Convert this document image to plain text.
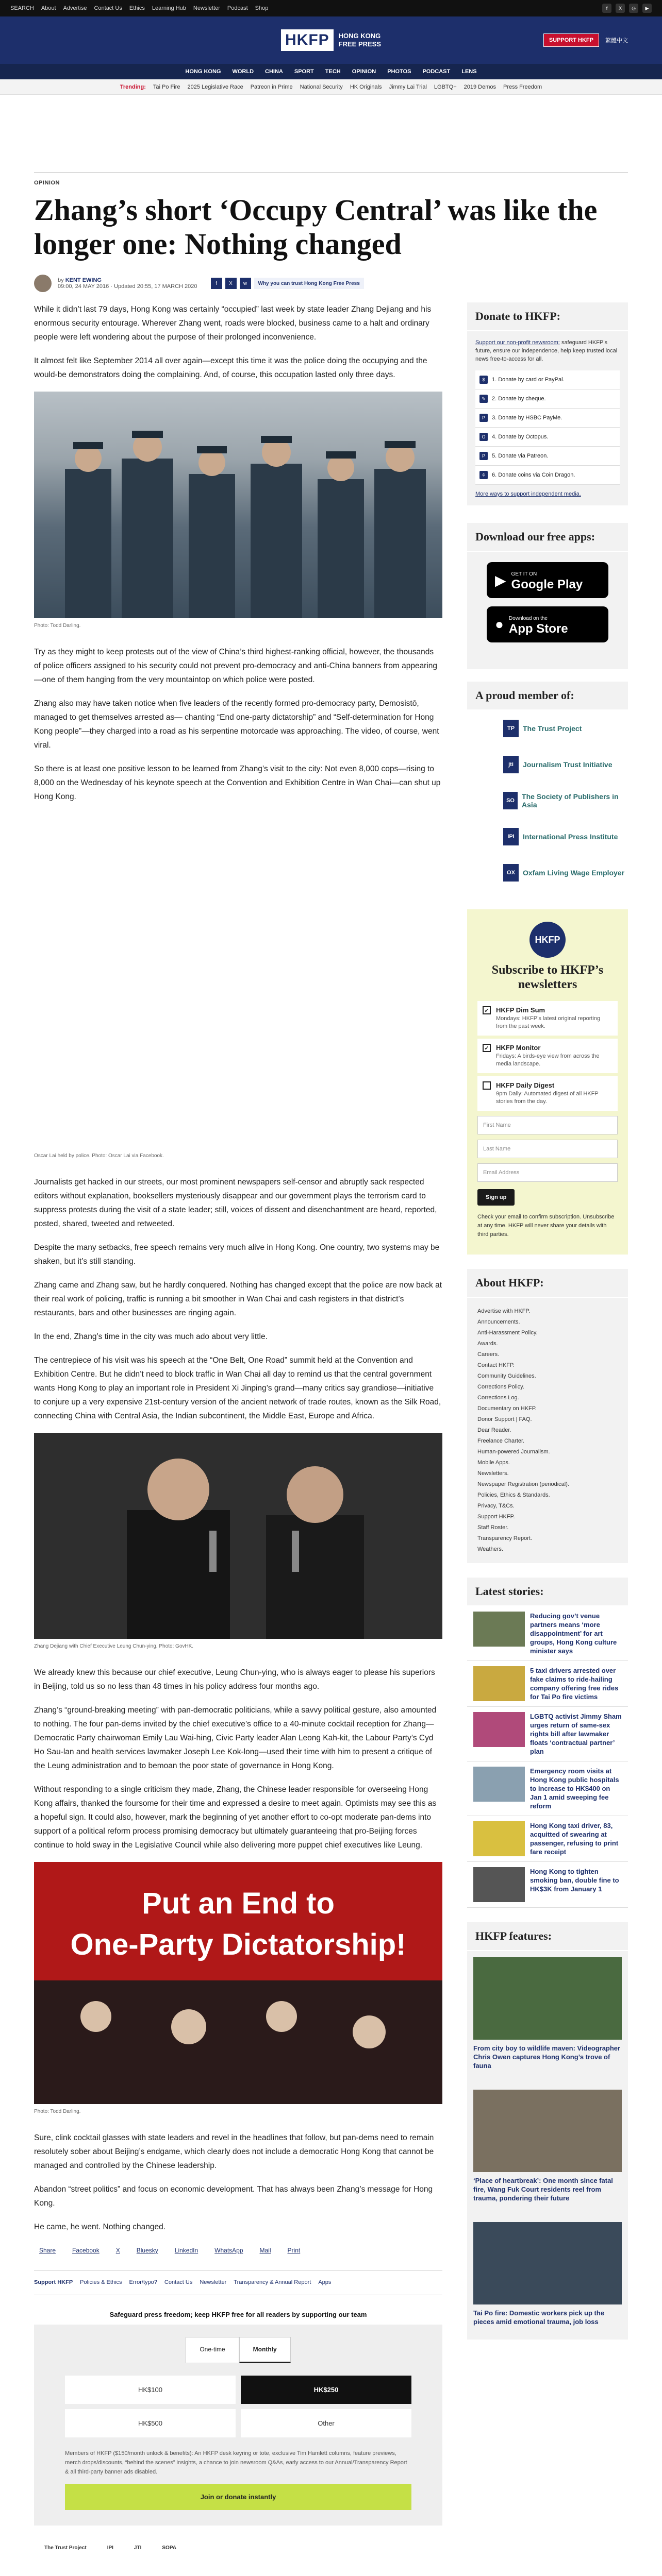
SEARCH About Advertise Contact Us Ethics Learning Hub Newsletter Podcast Shop	f	X	◎	▶
HKFP	HONG KONG
FREE PRESS	SUPPORT HKFP	繁體中文
HONG KONG WORLD CHINA SPORT TECH OPINION PHOTOS PODCAST LENS
Trending: Tai Po Fire 2025 Legislative Race Patreon in Prime National Security HK Originals Jimmy Lai Trial LGBTQ+ 2019 Demos Press Freedom
OPINION
Zhang’s short ‘Occupy Central’ was like the longer one: Nothing changed
by KENT EWING
09:00, 24 MAY 2016 · Updated 20:55, 17 MARCH 2020	f	X	w	Why you can trust Hong Kong Free Press

While it didn’t last 79 days, Hong Kong was certainly “occupied” last week by state leader Zhang Dejiang and his enormous security entourage. Wherever Zhang went, roads were blocked, business came to a halt and ordinary people were left wondering about the purpose of their prolonged inconvenience.

It almost felt like September 2014 all over again—except this time it was the police doing the occupying and the would-be demonstrators doing the complaining. And, of course, this occupation lasted only three days.

Photo: Todd Darling.

Try as they might to keep protests out of the view of China’s third highest-ranking official, however, the thousands of police officers assigned to his security could not prevent pro-democracy and anti-China banners from appearing—one of them hanging from the very mountaintop on which police were posted.

Zhang also may have taken notice when five leaders of the recently formed pro-democracy party, Demosistō, managed to get themselves arrested as— chanting “End one-party dictatorship” and “Self-determination for Hong Kong people”—they charged into a road as his serpentine motorcade was approaching. The video, of course, went viral.

So there is at least one positive lesson to be learned from Zhang’s visit to the city: Not even 8,000 cops—rising to 8,000 on the Wednesday of his keynote speech at the Convention and Exhibition Centre in Wan Chai—can shut up Hong Kong.

Oscar Lai held by police. Photo: Oscar Lai via Facebook.

Journalists get hacked in our streets, our most prominent newspapers self-censor and abruptly sack respected editors without explanation, booksellers mysteriously disappear and our government plays the terrorism card to suppress protests during the visit of a state leader; still, voices of dissent and disenchantment are heard, reported, posted, shared, tweeted and retweeted.

Despite the many setbacks, free speech remains very much alive in Hong Kong. One country, two systems may be shaken, but it’s still standing.

Zhang came and Zhang saw, but he hardly conquered. Nothing has changed except that the police are now back at their real work of policing, traffic is running a bit smoother in Wan Chai and cash registers in that district’s restaurants, bars and other businesses are ringing again.

In the end, Zhang’s time in the city was much ado about very little.

The centrepiece of his visit was his speech at the “One Belt, One Road” summit held at the Convention and Exhibition Centre. But he didn’t need to block traffic in Wan Chai all day to remind us that the central government wants Hong Kong to play an important role in President Xi Jinping’s grand—many critics say grandiose—initiative to conjure up a very expensive 21st-century version of the ancient network of trade routes, known as the Silk Road, connecting China with Central Asia, the Indian subcontinent, the Middle East, Europe and Africa.

Zhang Dejiang with Chief Executive Leung Chun-ying. Photo: GovHK.

We already knew this because our chief executive, Leung Chun-ying, who is always eager to please his superiors in Beijing, told us so no less than 48 times in his policy address four months ago.

Zhang’s “ground-breaking meeting” with pan-democratic politicians, while a savvy political gesture, also amounted to nothing. The four pan-dems invited by the chief executive’s office to a 40-minute cocktail reception for Zhang—Democratic Party chairwoman Emily Lau Wai-hing, Civic Party leader Alan Leong Kah-kit, the Labour Party’s Cyd Ho Sau-lan and health services lawmaker Joseph Lee Kok-long—used their time with him to present a critique of the Leung administration and to bemoan the poor state of governance in Hong Kong.

Without responding to a single criticism they made, Zhang, the Chinese leader responsible for overseeing Hong Kong affairs, thanked the foursome for their time and expressed a desire to meet again. Optimists may see this as a hopeful sign. It could also, however, mark the beginning of yet another effort to co-opt moderate pan-dems into support of a political reform process promising democracy but ultimately guaranteeing that pro-Beijing forces continue to hold sway in the Legislative Council while also delivering more puppet chief executives like Leung.

Put an End to
One-Party Dictatorship!
Photo: Todd Darling.

Sure, clink cocktail glasses with state leaders and revel in the headlines that follow, but pan-dems need to remain resolutely sober about Beijing’s endgame, which clearly does not include a democratic Hong Kong that cannot be managed and controlled by the Chinese leadership.

Abandon “street politics” and focus on economic development. That has always been Zhang’s message for Hong Kong.

He came, he went. Nothing changed.

Share	Facebook	X	Bluesky	LinkedIn	WhatsApp	Mail	Print
Support HKFP Policies & Ethics Error/typo? Contact Us Newsletter Transparency & Annual Report Apps
Safeguard press freedom; keep HKFP free for all readers by supporting our team
One-time	Monthly
HK$100	HK$250
HK$500	Other
Members of HKFP ($150/month unlock & benefits): An HKFP desk keyring or tote, exclusive Tim Hamlett columns, feature previews, merch drops/discounts, “behind the scenes” insights, a chance to join newsroom Q&As, early access to our Annual/Transparency Report & all third-party banner ads disabled.
Join or donate instantly
The Trust Project	IPI	JTI	SOPA
Donate to HKFP:
Support our non-profit newsroom: safeguard HKFP’s future, ensure our independence, help keep trusted local news free-to-access for all.
$	1. Donate by card or PayPal.
✎	2. Donate by cheque.
P	3. Donate by HSBC PayMe.
O	4. Donate by Octopus.
P	5. Donate via Patreon.
¢	6. Donate coins via Coin Dragon.
More ways to support independent media.
Download our free apps:
▶ GET IT ON
Google Play
● Download on the
App Store
A proud member of:
TP	The Trust Project
jti	Journalism Trust Initiative
SO	The Society of Publishers in Asia
IPI	International Press Institute
OX	Oxfam Living Wage Employer
HKFP
Subscribe to HKFP’s newsletters
✓ HKFP Dim Sum
Mondays: HKFP’s latest original reporting from the past week.
✓ HKFP Monitor
Fridays: A birds-eye view from across the media landscape.
HKFP Daily Digest
9pm Daily: Automated digest of all HKFP stories from the day.
First Name
Last Name
Email Address
Sign up
Check your email to confirm subscription. Unsubscribe at any time. HKFP will never share your details with third parties.
About HKFP:
Advertise with HKFP.
Announcements.
Anti-Harassment Policy.
Awards.
Careers.
Contact HKFP.
Community Guidelines.
Corrections Policy.
Corrections Log.
Documentary on HKFP.
Donor Support | FAQ.
Dear Reader.
Freelance Charter.
Human-powered Journalism.
Mobile Apps.
Newsletters.
Newspaper Registration (periodical).
Policies, Ethics & Standards.
Privacy, T&Cs.
Support HKFP.
Staff Roster.
Transparency Report.
Weathers.
Latest stories:
Reducing gov’t venue partners means ‘more disappointment’ for art groups, Hong Kong culture minister says
5 taxi drivers arrested over fake claims to ride-hailing company offering free rides for Tai Po fire victims
LGBTQ activist Jimmy Sham urges return of same-sex rights bill after lawmaker floats ‘contractual partner’ plan
Emergency room visits at Hong Kong public hospitals to increase to HK$400 on Jan 1 amid sweeping fee reform
Hong Kong taxi driver, 83, acquitted of swearing at passenger, refusing to print fare receipt
Hong Kong to tighten smoking ban, double fine to HK$3K from January 1
HKFP features:
From city boy to wildlife maven: Videographer Chris Owen captures Hong Kong’s trove of fauna
‘Place of heartbreak’: One month since fatal fire, Wang Fuk Court residents reel from trauma, pondering their future
Tai Po fire: Domestic workers pick up the pieces amid emotional trauma, job loss
